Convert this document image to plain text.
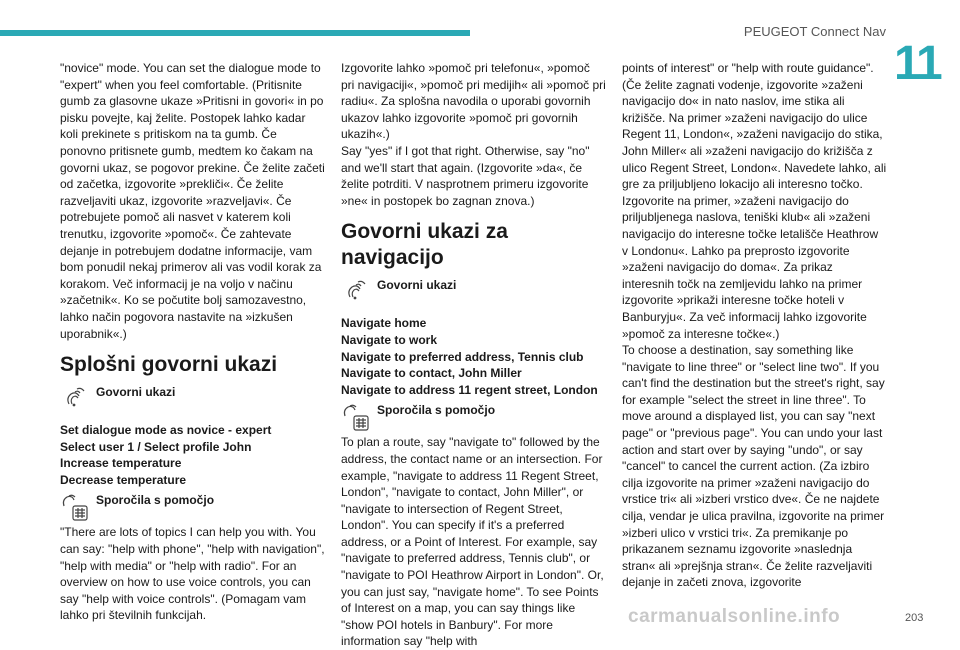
PEUGEOT Connect Nav
11

"novice" mode. You can set the dialogue mode to "expert" when you feel comfortable. (Pritisnite gumb za glasovne ukaze »Pritisni in govori« in po pisku povejte, kaj želite. Postopek lahko kadar koli prekinete s pritiskom na ta gumb. Če ponovno pritisnete gumb, medtem ko čakam na govorni ukaz, se pogovor prekine. Če želite začeti od začetka, izgovorite »prekliči«. Če želite razveljaviti ukaz, izgovorite »razveljavi«. Če potrebujete pomoč ali nasvet v katerem koli trenutku, izgovorite »pomoč«. Če zahtevate dejanje in potrebujem dodatne informacije, vam bom ponudil nekaj primerov ali vas vodil korak za korakom. Več informacij je na voljo v načinu »začetnik«. Ko se počutite bolj samozavestno, lahko način pogovora nastavite na »izkušen uporabnik«.)

Splošni govorni ukazi
Govorni ukazi

Set dialogue mode as novice - expert
Select user 1 / Select profile John
Increase temperature
Decrease temperature

Sporočila s pomočjo

"There are lots of topics I can help you with. You can say: "help with phone", "help with navigation", "help with media" or "help with radio". For an overview on how to use voice controls, you can say "help with voice controls". (Pomagam vam lahko pri številnih funkcijah.

Izgovorite lahko »pomoč pri telefonu«, »pomoč pri navigaciji«, »pomoč pri medijih« ali »pomoč pri radiu«. Za splošna navodila o uporabi govornih ukazov lahko izgovorite »pomoč pri govornih ukazih«.)
Say "yes" if I got that right. Otherwise, say "no" and we'll start that again. (Izgovorite »da«, če želite potrditi. V nasprotnem primeru izgovorite »ne« in postopek bo zagnan znova.)

Govorni ukazi za navigacijo
Govorni ukazi

Navigate home
Navigate to work
Navigate to preferred address, Tennis club
Navigate to contact, John Miller
Navigate to address 11 regent street, London

Sporočila s pomočjo

To plan a route, say "navigate to" followed by the address, the contact name or an intersection. For example, "navigate to address 11 Regent Street, London", "navigate to contact, John Miller", or "navigate to intersection of Regent Street, London". You can specify if it's a preferred address, or a Point of Interest. For example, say "navigate to preferred address, Tennis club", or "navigate to POI Heathrow Airport in London". Or, you can just say, "navigate home". To see Points of Interest on a map, you can say things like "show POI hotels in Banbury". For more information say "help with

points of interest" or "help with route guidance". (Če želite zagnati vodenje, izgovorite »zaženi navigacijo do« in nato naslov, ime stika ali križišče. Na primer »zaženi navigacijo do ulice Regent 11, London«, »zaženi navigacijo do stika, John Miller« ali »zaženi navigacijo do križišča z ulico Regent Street, London«. Navedete lahko, ali gre za priljubljeno lokacijo ali interesno točko. Izgovorite na primer, »zaženi navigacijo do priljubljenega naslova, teniški klub« ali »zaženi navigacijo do interesne točke letališče Heathrow v Londonu«. Lahko pa preprosto izgovorite »zaženi navigacijo do doma«. Za prikaz interesnih točk na zemljevidu lahko na primer izgovorite »prikaži interesne točke hoteli v Banburyju«. Za več informacij lahko izgovorite »pomoč za interesne točke«.)
To choose a destination, say something like "navigate to line three" or "select line two". If you can't find the destination but the street's right, say for example "select the street in line three". To move around a displayed list, you can say "next page" or "previous page". You can undo your last action and start over by saying "undo", or say "cancel" to cancel the current action. (Za izbiro cilja izgovorite na primer »zaženi navigacijo do vrstice tri« ali »izberi vrstico dve«. Če ne najdete cilja, vendar je ulica pravilna, izgovorite na primer »izberi ulico v vrstici tri«. Za premikanje po prikazanem seznamu izgovorite »naslednja stran« ali »prejšnja stran«. Če želite razveljaviti dejanje in začeti znova, izgovorite

carmanualsonline.info	203
